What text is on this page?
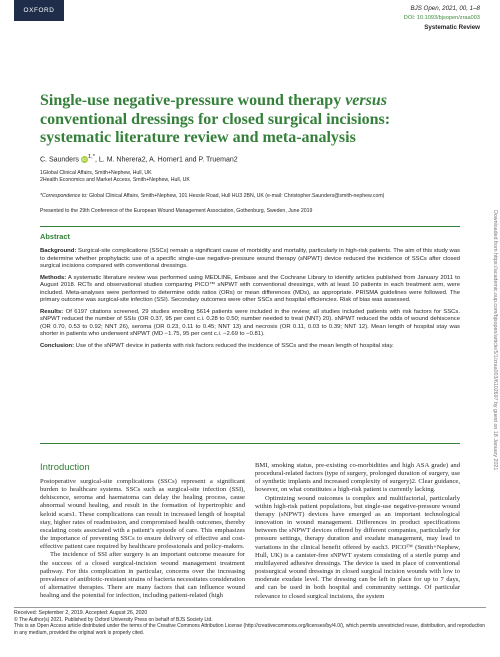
OXFORD	BJS Open, 2021, 00, 1–8
DOI: 10.1093/bjsopen/zraa003
Systematic Review
Single-use negative-pressure wound therapy versus conventional dressings for closed surgical incisions: systematic literature review and meta-analysis
C. Saunders $iD^{1,*}$, L. M. Nherera2, A. Horner1 and P. Trueman2
1Global Clinical Affairs, Smith+Nephew, Hull, UK
2Health Economics and Market Access, Smith+Nephew, Hull, UK
*Correspondence to: Global Clinical Affairs, Smith+Nephew, 101 Hessle Road, Hull HU3 2BN, UK (e-mail: Christopher.Saunders@smith-nephew.com)
Presented to the 29th Conference of the European Wound Management Association, Gothenburg, Sweden, June 2019
Abstract

Background: Surgical-site complications (SSCs) remain a significant cause of morbidity and mortality, particularly in high-risk patients. The aim of this study was to determine whether prophylactic use of a specific single-use negative-pressure wound therapy (sNPWT) device reduced the incidence of SSCs after closed surgical incisions compared with conventional dressings.

Methods: A systematic literature review was performed using MEDLINE, Embase and the Cochrane Library to identify articles published from January 2011 to August 2018. RCTs and observational studies comparing PICO™ sNPWT with conventional dressings, with at least 10 patients in each treatment arm, were included. Meta-analyses were performed to determine odds ratios (ORs) or mean differences (MDs), as appropriate. PRISMA guidelines were followed. The primary outcome was surgical-site infection (SSI). Secondary outcomes were other SSCs and hospital efficiencies. Risk of bias was assessed.

Results: Of 6197 citations screened, 29 studies enrolling 5614 patients were included in the review; all studies included patients with risk factors for SSCs. sNPWT reduced the number of SSIs (OR 0.37, 95 per cent c.i. 0.28 to 0.50; number needed to treat (NNT) 20). sNPWT reduced the odds of wound dehiscence (OR 0.70, 0.53 to 0.92; NNT 26), seroma (OR 0.23, 0.11 to 0.45; NNT 13) and necrosis (OR 0.11, 0.03 to 0.39; NNT 12). Mean length of hospital stay was shorter in patients who underwent sNPWT (MD −1.75, 95 per cent c.i. −2.69 to −0.81).

Conclusion: Use of the sNPWT device in patients with risk factors reduced the incidence of SSCs and the mean length of hospital stay.

Introduction

Postoperative surgical-site complications (SSCs) represent a significant burden to healthcare systems. SSCs such as surgical-site infection (SSI), dehiscence, seroma and haematoma can delay the healing process, cause abnormal wound healing, and result in the formation of hypertrophic and keloid scars1. These complications can result in increased length of hospital stay, higher rates of readmission, and compromised health outcomes, thereby escalating costs associated with a patient’s episode of care. This emphasizes the importance of preventing SSCs to ensure delivery of effective and cost-effective patient care required by healthcare professionals and policy-makers.

The incidence of SSI after surgery is an important outcome measure for the success of a closed surgical-incision wound management treatment pathway. For this complication in particular, concerns over the increasing prevalence of antibiotic-resistant strains of bacteria necessitates consideration of alternative therapies. There are many factors that can influence wound healing and the potential for infection, including patient-related (high

BMI, smoking status, pre-existing co-morbidities and high ASA grade) and procedural-related factors (type of surgery, prolonged duration of surgery, use of synthetic implants and increased complexity of surgery)2. Clear guidance, however, on what constitutes a high-risk patient is currently lacking.

Optimizing wound outcomes is complex and multifactorial, particularly within high-risk patient populations, but single-use negative-pressure wound therapy (sNPWT) devices have emerged as an important technological innovation in wound management. Differences in product specifications between the sNPWT devices offered by different companies, particularly for pressure settings, therapy duration and exudate management, may lead to variations in the clinical benefit offered by each3. PICO™ (Smith+Nephew, Hull, UK) is a canister-free sNPWT system consisting of a sterile pump and multilayered adhesive dressings. The device is used in place of conventional postsurgical wound dressings in closed surgical incision wounds with low to moderate exudate level. The dressing can be left in place for up to 7 days, and can be used in both hospital and community settings. Of particular relevance to closed surgical incisions, the system

Received: September 2, 2019. Accepted: August 26, 2020
© The Author(s) 2021. Published by Oxford University Press on behalf of BJS Society Ltd.
This is an Open Access article distributed under the terms of the Creative Commons Attribution License (http://creativecommons.org/licenses/by/4.0/), which permits unrestricted reuse, distribution, and reproduction in any medium, provided the original work is properly cited.
Downloaded from https://academic.oup.com/bjsopen/article/5/1/zraa003/6102697 by guest on 18 January 2021
